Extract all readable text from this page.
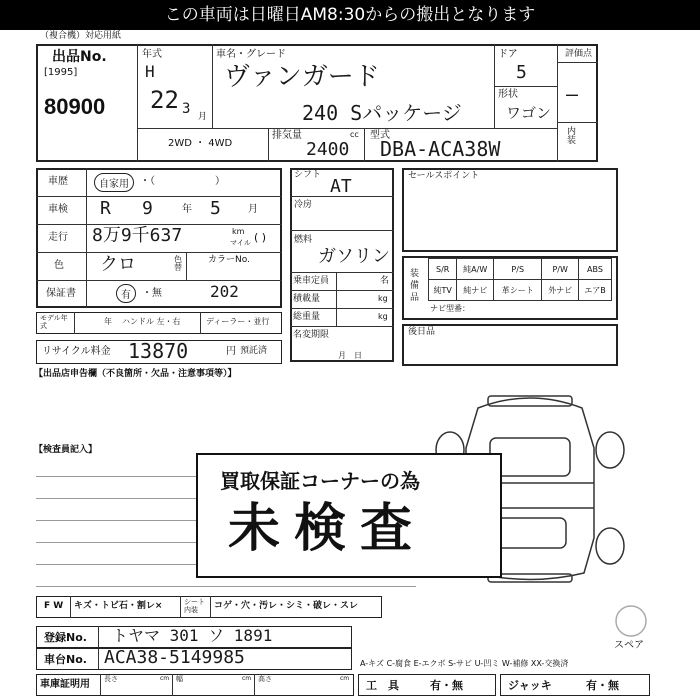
この車両は日曜日AM8:30からの搬出となります
（複合機）対応用紙
出品No.
[1995]
80900
年式
H
22 3 月
車名・グレード
ヴァンガード
240 Sパッケージ
ドア
5
形状
ワゴン
評価点
—
内装
2WD ・ 4WD
排気量	cc
2400
型式
DBA-ACA38W
車歴	自家用	・（　　　　　　）
車検 R 9	年 5	月
走行 8万9千637	km
マイル ( )
色 クロ	色替
カラーNo.
保証書	有	・無	202
モデル年式	年 ハンドル 左・右	ディーラー・並行
リサイクル料金 13870	円 預託済
シフト
AT
冷房
燃料
ガソリン
乗車定員	名
積載量	kg
総重量	kg
名変期限
月　日
セールスポイント
装備品
S/R	純A/W	P/S	P/W	ABS
純TV	純ナビ	革シート	外ナビ	エアB
ナビ型番：
後日品
【出品店申告欄（不良箇所・欠品・注意事項等）】
【検査員記入】
買取保証コーナーの為
未検査
スペア
F W キズ・トビ石・割レ×	シート内装	コゲ・穴・汚レ・シミ・破レ・スレ
登録No. トヤマ 301 ソ 1891
車台No. ACA38-5149985	A-キズ C-腐食 E-エクボ S-サビ U-凹ミ W-補修 XX-交換済
車庫証明用 長さ	cm 幅	cm 高さ	cm
工　具	有・無	ジャッキ	有・無
